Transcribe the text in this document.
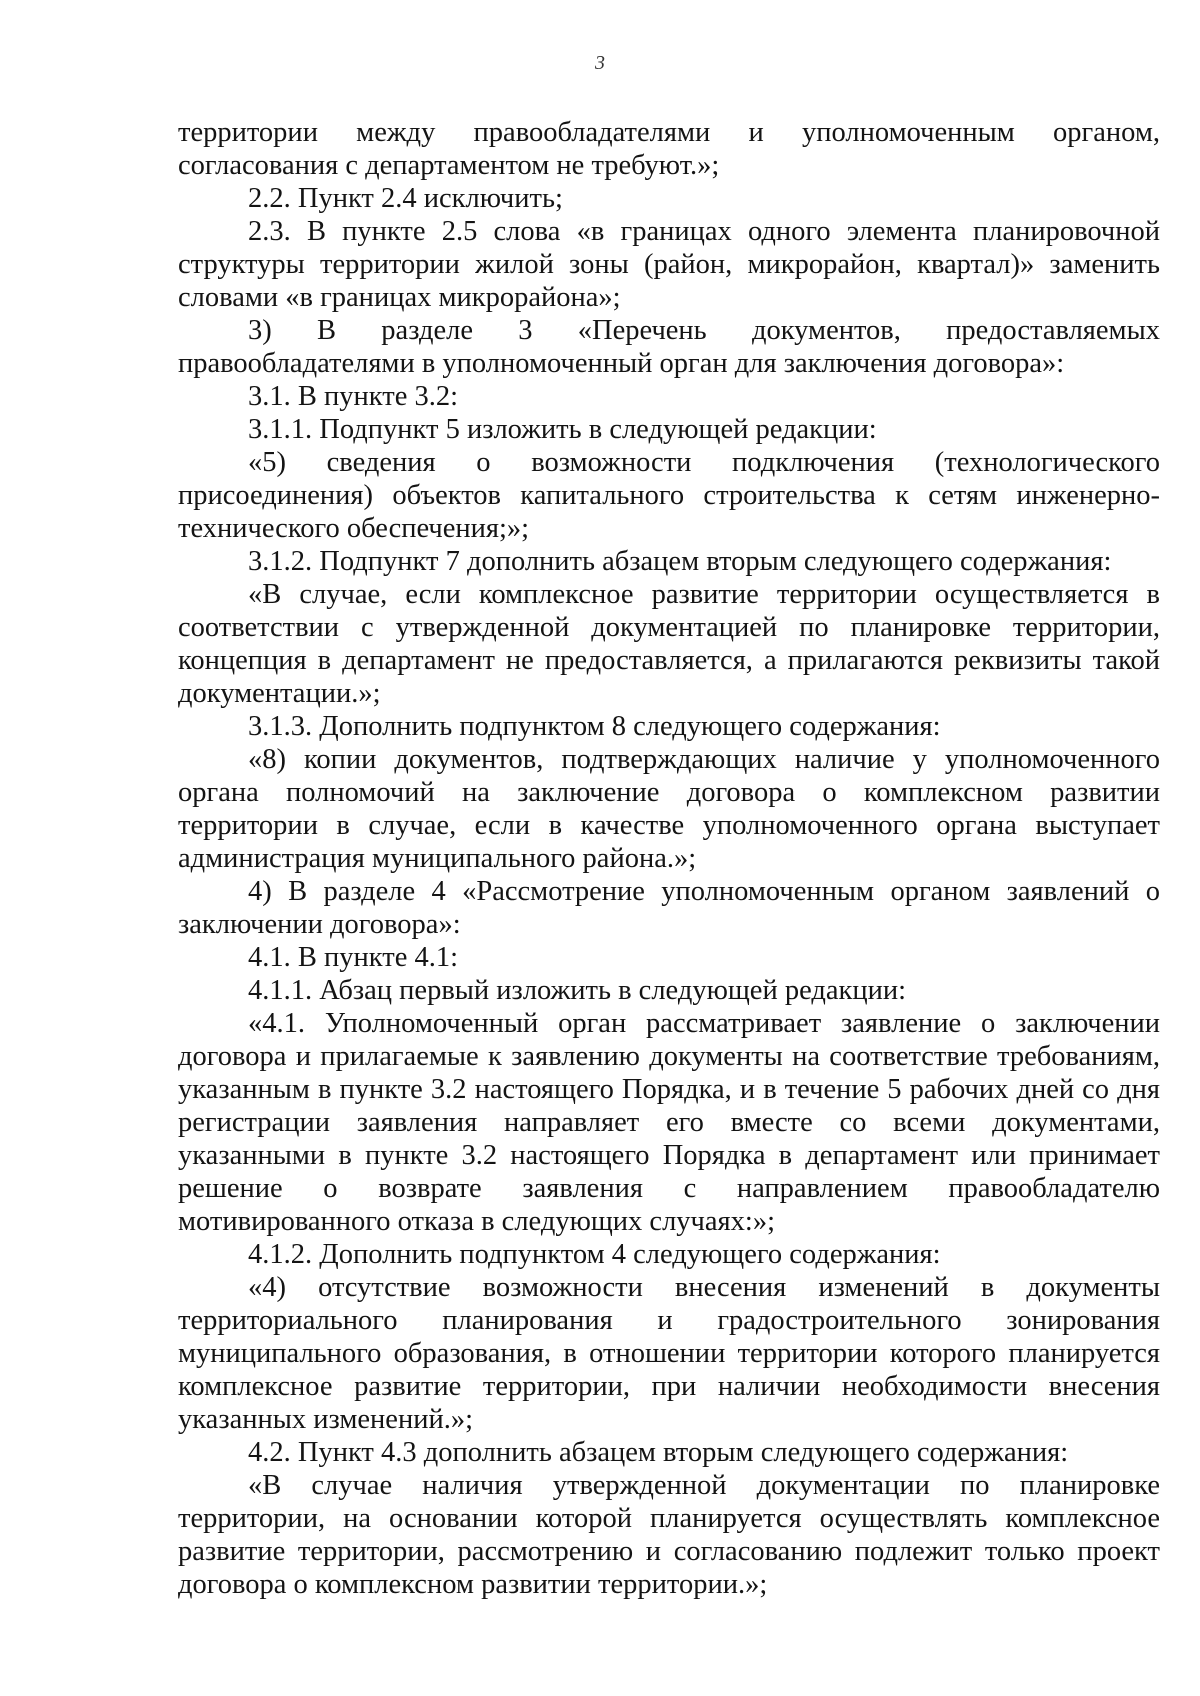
3

территории между правообладателями и уполномоченным органом, согласования с департаментом не требуют.»;

2.2. Пункт 2.4 исключить;

2.3. В пункте 2.5 слова «в границах одного элемента планировочной структуры территории жилой зоны (район, микрорайон, квартал)» заменить словами «в границах микрорайона»;

3) В разделе 3 «Перечень документов, предоставляемых правообладателями в уполномоченный орган для заключения договора»:

3.1. В пункте 3.2:

3.1.1. Подпункт 5 изложить в следующей редакции:

«5) сведения о возможности подключения (технологического присоединения) объектов капитального строительства к сетям инженерно-технического обеспечения;»;

3.1.2. Подпункт 7 дополнить абзацем вторым следующего содержания:

«В случае, если комплексное развитие территории осуществляется в соответствии с утвержденной документацией по планировке территории, концепция в департамент не предоставляется, а прилагаются реквизиты такой документации.»;

3.1.3. Дополнить подпунктом 8 следующего содержания:

«8) копии документов, подтверждающих наличие у уполномоченного органа полномочий на заключение договора о комплексном развитии территории в случае, если в качестве уполномоченного органа выступает администрация муниципального района.»;

4) В разделе 4 «Рассмотрение уполномоченным органом заявлений о заключении договора»:

4.1. В пункте 4.1:

4.1.1. Абзац первый изложить в следующей редакции:

«4.1. Уполномоченный орган рассматривает заявление о заключении договора и прилагаемые к заявлению документы на соответствие требованиям, указанным в пункте 3.2 настоящего Порядка, и в течение 5 рабочих дней со дня регистрации заявления направляет его вместе со всеми документами, указанными в пункте 3.2 настоящего Порядка в департамент или принимает решение о возврате заявления с направлением правообладателю мотивированного отказа в следующих случаях:»;

4.1.2. Дополнить подпунктом 4 следующего содержания:

«4) отсутствие возможности внесения изменений в документы территориального планирования и градостроительного зонирования муниципального образования, в отношении территории которого планируется комплексное развитие территории, при наличии необходимости внесения указанных изменений.»;

4.2. Пункт 4.3 дополнить абзацем вторым следующего содержания:

«В случае наличия утвержденной документации по планировке территории, на основании которой планируется осуществлять комплексное развитие территории, рассмотрению и согласованию подлежит только проект договора о комплексном развитии территории.»;
